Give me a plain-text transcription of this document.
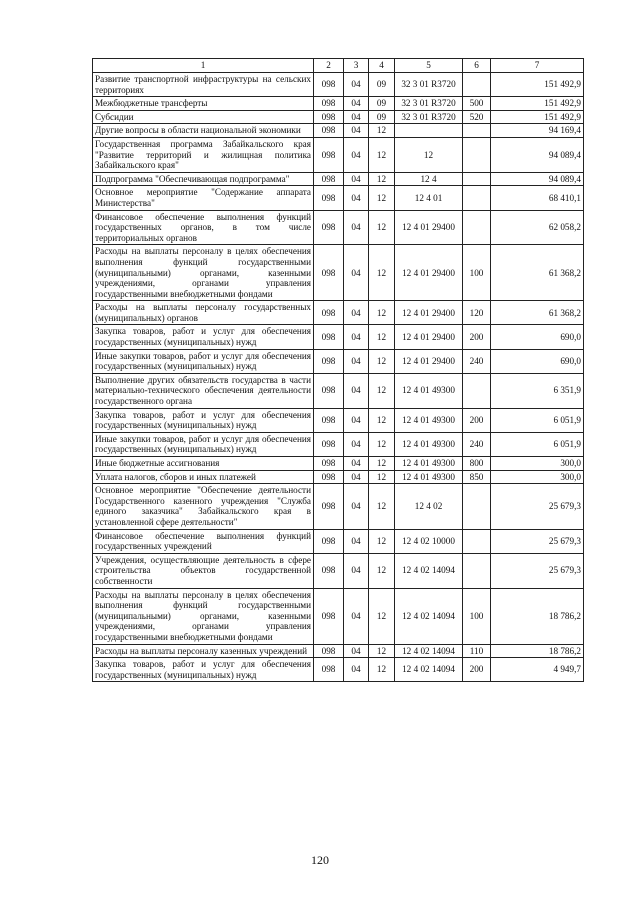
1	2	3	4	5	6	7
Развитие транспортной инфраструктуры на сельских территориях	098	04	09	32 3 01 R3720		151 492,9
Межбюджетные трансферты	098	04	09	32 3 01 R3720	500	151 492,9
Субсидии	098	04	09	32 3 01 R3720	520	151 492,9
Другие вопросы в области национальной экономики	098	04	12			94 169,4
Государственная программа Забайкальского края "Развитие территорий и жилищная политика Забайкальского края"	098	04	12	12		94 089,4
Подпрограмма "Обеспечивающая подпрограмма"	098	04	12	12 4		94 089,4
Основное мероприятие "Содержание аппарата Министерства"	098	04	12	12 4 01		68 410,1
Финансовое обеспечение выполнения функций государственных органов, в том числе территориальных органов	098	04	12	12 4 01 29400		62 058,2
Расходы на выплаты персоналу в целях обеспечения выполнения функций государственными (муниципальными) органами, казенными учреждениями, органами управления государственными внебюджетными фондами	098	04	12	12 4 01 29400	100	61 368,2
Расходы на выплаты персоналу государственных (муниципальных) органов	098	04	12	12 4 01 29400	120	61 368,2
Закупка товаров, работ и услуг для обеспечения государственных (муниципальных) нужд	098	04	12	12 4 01 29400	200	690,0
Иные закупки товаров, работ и услуг для обеспечения государственных (муниципальных) нужд	098	04	12	12 4 01 29400	240	690,0
Выполнение других обязательств государства в части материально-технического обеспечения деятельности государственного органа	098	04	12	12 4 01 49300		6 351,9
Закупка товаров, работ и услуг для обеспечения государственных (муниципальных) нужд	098	04	12	12 4 01 49300	200	6 051,9
Иные закупки товаров, работ и услуг для обеспечения государственных (муниципальных) нужд	098	04	12	12 4 01 49300	240	6 051,9
Иные бюджетные ассигнования	098	04	12	12 4 01 49300	800	300,0
Уплата налогов, сборов и иных платежей	098	04	12	12 4 01 49300	850	300,0
Основное мероприятие "Обеспечение деятельности Государственного казенного учреждения "Служба единого заказчика" Забайкальского края в установленной сфере деятельности"	098	04	12	12 4 02		25 679,3
Финансовое обеспечение выполнения функций государственных учреждений	098	04	12	12 4 02 10000		25 679,3
Учреждения, осуществляющие деятельность в сфере строительства объектов государственной собственности	098	04	12	12 4 02 14094		25 679,3
Расходы на выплаты персоналу в целях обеспечения выполнения функций государственными (муниципальными) органами, казенными учреждениями, органами управления государственными внебюджетными фондами	098	04	12	12 4 02 14094	100	18 786,2
Расходы на выплаты персоналу казенных учреждений	098	04	12	12 4 02 14094	110	18 786,2
Закупка товаров, работ и услуг для обеспечения государственных (муниципальных) нужд	098	04	12	12 4 02 14094	200	4 949,7
120
